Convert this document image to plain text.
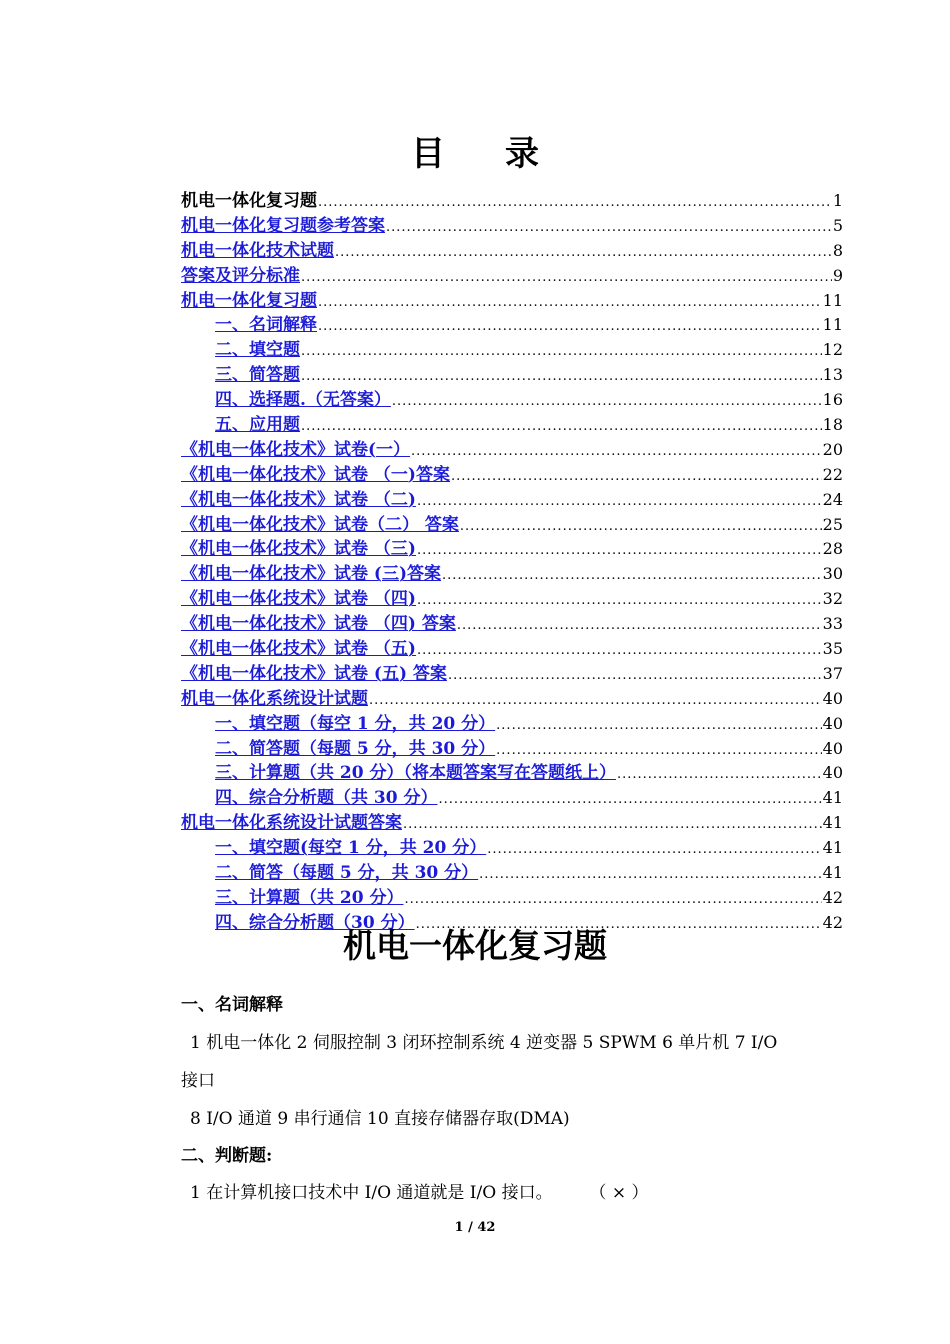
目 录
机电一体化复习题 .....	1
机电一体化复习题参考答案 .....	5
机电一体化技术试题 .....	8
答案及评分标准 .....	9
机电一体化复习题 .....	11
一、名词解释 .....	11
二、填空题 .....	12
三、简答题 .....	13
四、选择题.（无答案） .....	16
五、应用题 .....	18
《机电一体化技术》试卷(一） .....	20
《机电一体化技术》试卷 （一)答案 .....	22
《机电一体化技术》试卷 （二) .....	24
《机电一体化技术》试卷（二） 答案 .....	25
《机电一体化技术》试卷 （三) .....	28
《机电一体化技术》试卷 (三)答案 .....	30
《机电一体化技术》试卷 （四) .....	32
《机电一体化技术》试卷 （四) 答案 .....	33
《机电一体化技术》试卷 （五) .....	35
《机电一体化技术》试卷 (五) 答案 .....	37
机电一体化系统设计试题 .....	40
一、填空题（每空 1 分，共 20 分） .....	40
二、简答题（每题 5 分，共 30 分） .....	40
三、计算题（共 20 分）（将本题答案写在答题纸上） .....	40
四、综合分析题（共 30 分） .....	41
机电一体化系统设计试题答案 .....	41
一、填空题(每空 1 分，共 20 分） .....	41
二、简答（每题 5 分，共 30 分） .....	41
三、计算题（共 20 分） .....	42
四、综合分析题（30 分） .....	42
机电一体化复习题
一、名词解释
1 机电一体化 2 伺服控制 3 闭环控制系统 4 逆变器 5 SPWM 6 单片机 7 I/O
接口
8 I/O 通道 9 串行通信 10 直接存储器存取(DMA)
二、判断题:
1 在计算机接口技术中 I/O 通道就是 I/O 接口。 （ × ）
1 / 42
